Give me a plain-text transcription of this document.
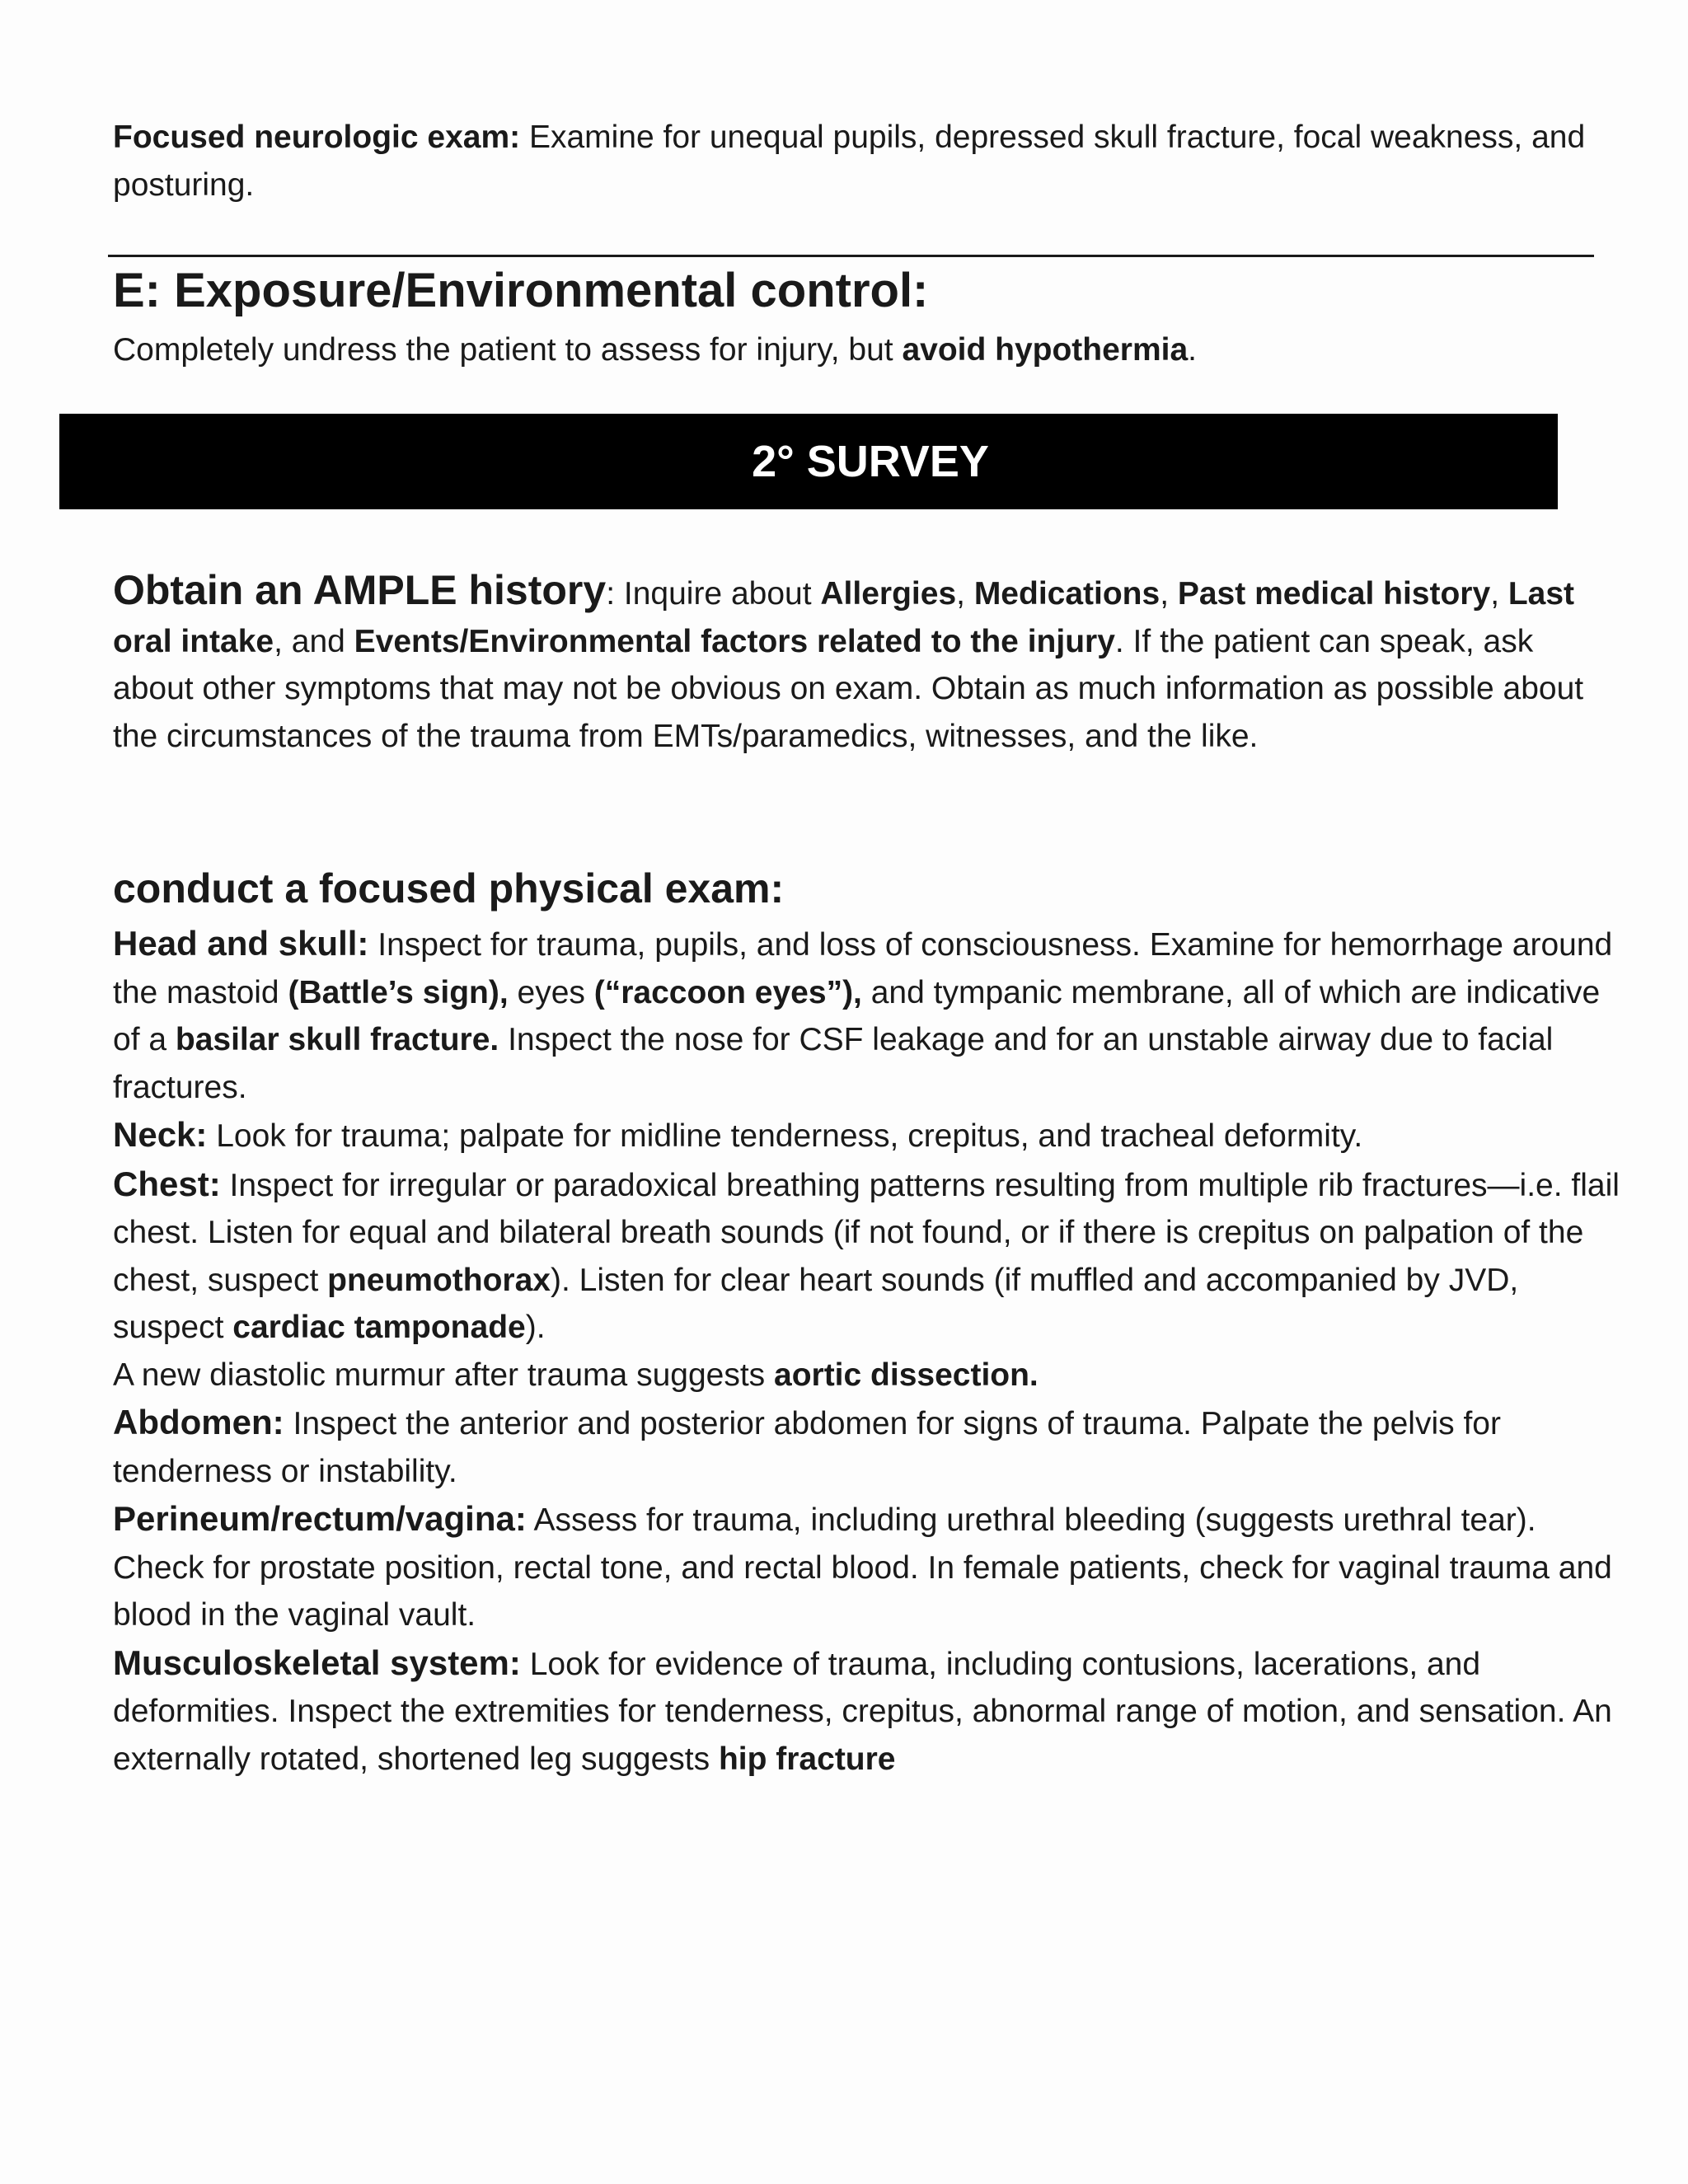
Focused neurologic exam: Examine for unequal pupils, depressed skull fracture, focal weakness, and posturing.

E: Exposure/Environmental control:

Completely undress the patient to assess for injury, but avoid hypothermia.

2° SURVEY

Obtain an AMPLE history: Inquire about Allergies, Medications, Past medical history, Last oral intake, and Events/Environmental factors related to the injury. If the patient can speak, ask about other symptoms that may not be obvious on exam. Obtain as much information as possible about the circumstances of the trauma from EMTs/paramedics, witnesses, and the like.

conduct a focused physical exam:

Head and skull: Inspect for trauma, pupils, and loss of consciousness. Examine for hemorrhage around the mastoid (Battle’s sign), eyes (“raccoon eyes”), and tympanic membrane, all of which are indicative of a basilar skull fracture. Inspect the nose for CSF leakage and for an unstable airway due to facial fractures.

Neck: Look for trauma; palpate for midline tenderness, crepitus, and tracheal deformity.

Chest: Inspect for irregular or paradoxical breathing patterns resulting from multiple rib fractures—i.e. flail chest. Listen for equal and bilateral breath sounds (if not found, or if there is crepitus on palpation of the chest, suspect pneumothorax). Listen for clear heart sounds (if muffled and accompanied by JVD, suspect cardiac tamponade).

A new diastolic murmur after trauma suggests aortic dissection.

Abdomen: Inspect the anterior and posterior abdomen for signs of trauma. Palpate the pelvis for tenderness or instability.

Perineum/rectum/vagina: Assess for trauma, including urethral bleeding (suggests urethral tear). Check for prostate position, rectal tone, and rectal blood. In female patients, check for vaginal trauma and blood in the vaginal vault.

Musculoskeletal system: Look for evidence of trauma, including contusions, lacerations, and deformities. Inspect the extremities for tenderness, crepitus, abnormal range of motion, and sensation. An externally rotated, shortened leg suggests hip fracture
